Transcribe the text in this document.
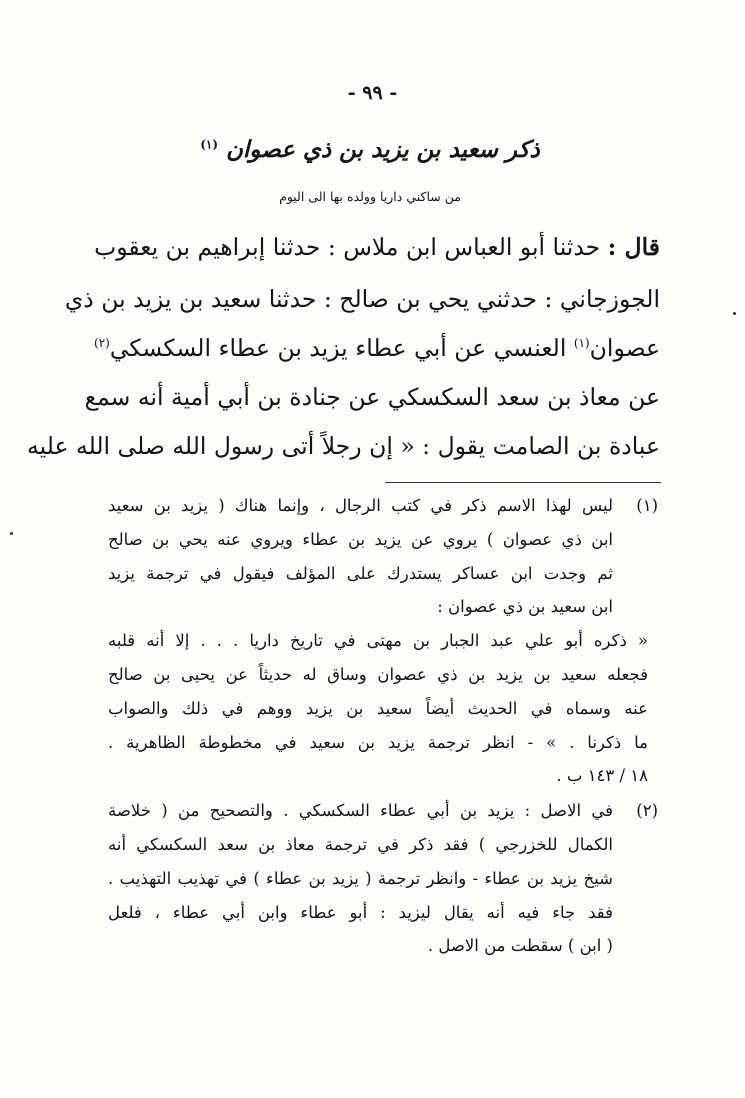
- ٩٩ -
ذكر سعيد بن يزيد بن ذي عصوان $^{(١)}$
من ساكني داريا وولده بها الى اليوم
قال : حدثنا أبو العباس ابن ملاس : حدثنا إبراهيم بن يعقوب
الجوزجاني : حدثني يحي بن صالح : حدثنا سعيد بن يزيد بن ذي
عصوان$^{(١)}$ العنسي عن أبي عطاء يزيد بن عطاء السكسكي$^{(٢)}$
عن معاذ بن سعد السكسكي عن جنادة بن أبي أمية أنه سمع
عبادة بن الصامت يقول : « إن رجلاً أتى رسول الله صلى الله عليه
(١)
ليس لهذا الاسم ذكر في كتب الرجال ، وإنما هناك ( يزيد بن سعيد
ابن ذي عصوان ) يروي عن يزيد بن عطاء ويروي عنه يحي بن صالح
ثم وجدت ابن عساكر يستدرك على المؤلف فيقول في ترجمة يزيد
ابن سعيد بن ذي عصوان :
« ذكره أبو علي عبد الجبار بن مهتى في تاريخ داريا . . . إلا أنه قلبه
فجعله سعيد بن يزيد بن ذي عصوان وساق له حديثاً عن يحيى بن صالح
عنه وسماه في الحديث أيضاً سعيد بن يزيد ووهم في ذلك والصواب
ما ذكرنا . » - انظر ترجمة يزيد بن سعيد في مخطوطة الظاهرية .
١٨ / ١٤٣ ب .
(٢)
في الاصل : يزيد بن أبي عطاء السكسكي . والتصحيح من ( خلاصة
الكمال للخزرجي ) فقد ذكر في ترجمة معاذ بن سعد السكسكي أنه
شيخ يزيد بن عطاء - وانظر ترجمة ( يزيد بن عطاء ) في تهذيب التهذيب .
فقد جاء فيه أنه يقال ليزيد : أبو عطاء وابن أبي عطاء ، فلعل
( ابن ) سقطت من الاصل .
